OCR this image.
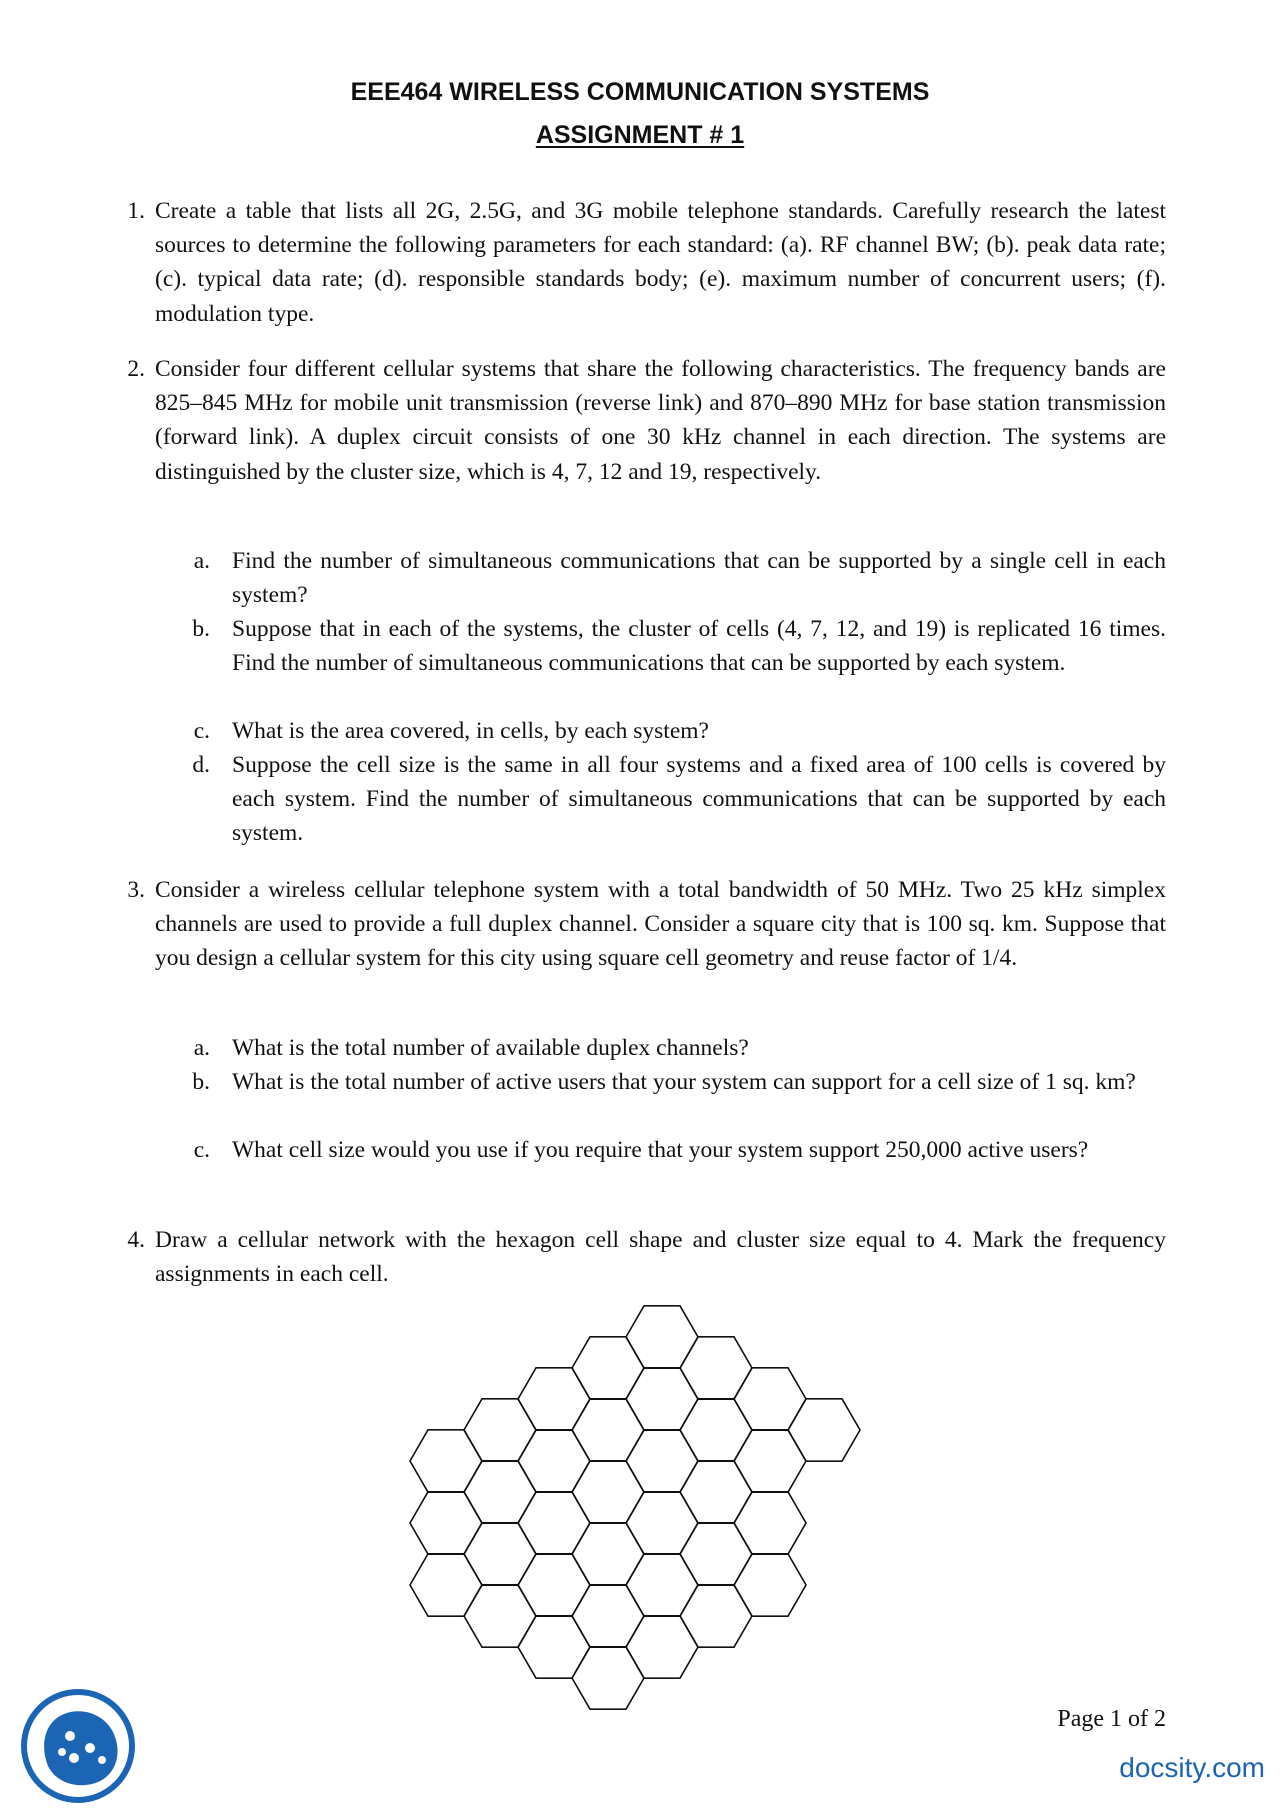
EEE464 WIRELESS COMMUNICATION SYSTEMS
ASSIGNMENT # 1
1. Create a table that lists all 2G, 2.5G, and 3G mobile telephone standards. Carefully research the latest sources to determine the following parameters for each standard: (a). RF channel BW; (b). peak data rate; (c). typical data rate; (d). responsible standards body; (e). maximum number of concurrent users; (f). modulation type.
2. Consider four different cellular systems that share the following characteristics. The frequency bands are 825–845 MHz for mobile unit transmission (reverse link) and 870–890 MHz for base station transmission (forward link). A duplex circuit consists of one 30 kHz channel in each direction. The systems are distinguished by the cluster size, which is 4, 7, 12 and 19, respectively.
a. Find the number of simultaneous communications that can be supported by a single cell in each system?
b. Suppose that in each of the systems, the cluster of cells (4, 7, 12, and 19) is replicated 16 times. Find the number of simultaneous communications that can be supported by each system.
c. What is the area covered, in cells, by each system?
d. Suppose the cell size is the same in all four systems and a fixed area of 100 cells is covered by each system. Find the number of simultaneous communications that can be supported by each system.
3. Consider a wireless cellular telephone system with a total bandwidth of 50 MHz. Two 25 kHz simplex channels are used to provide a full duplex channel. Consider a square city that is 100 sq. km. Suppose that you design a cellular system for this city using square cell geometry and reuse factor of 1/4.
a. What is the total number of available duplex channels?
b. What is the total number of active users that your system can support for a cell size of 1 sq. km?
c. What cell size would you use if you require that your system support 250,000 active users?
4. Draw a cellular network with the hexagon cell shape and cluster size equal to 4. Mark the frequency assignments in each cell.
Page 1 of 2
docsity.com
